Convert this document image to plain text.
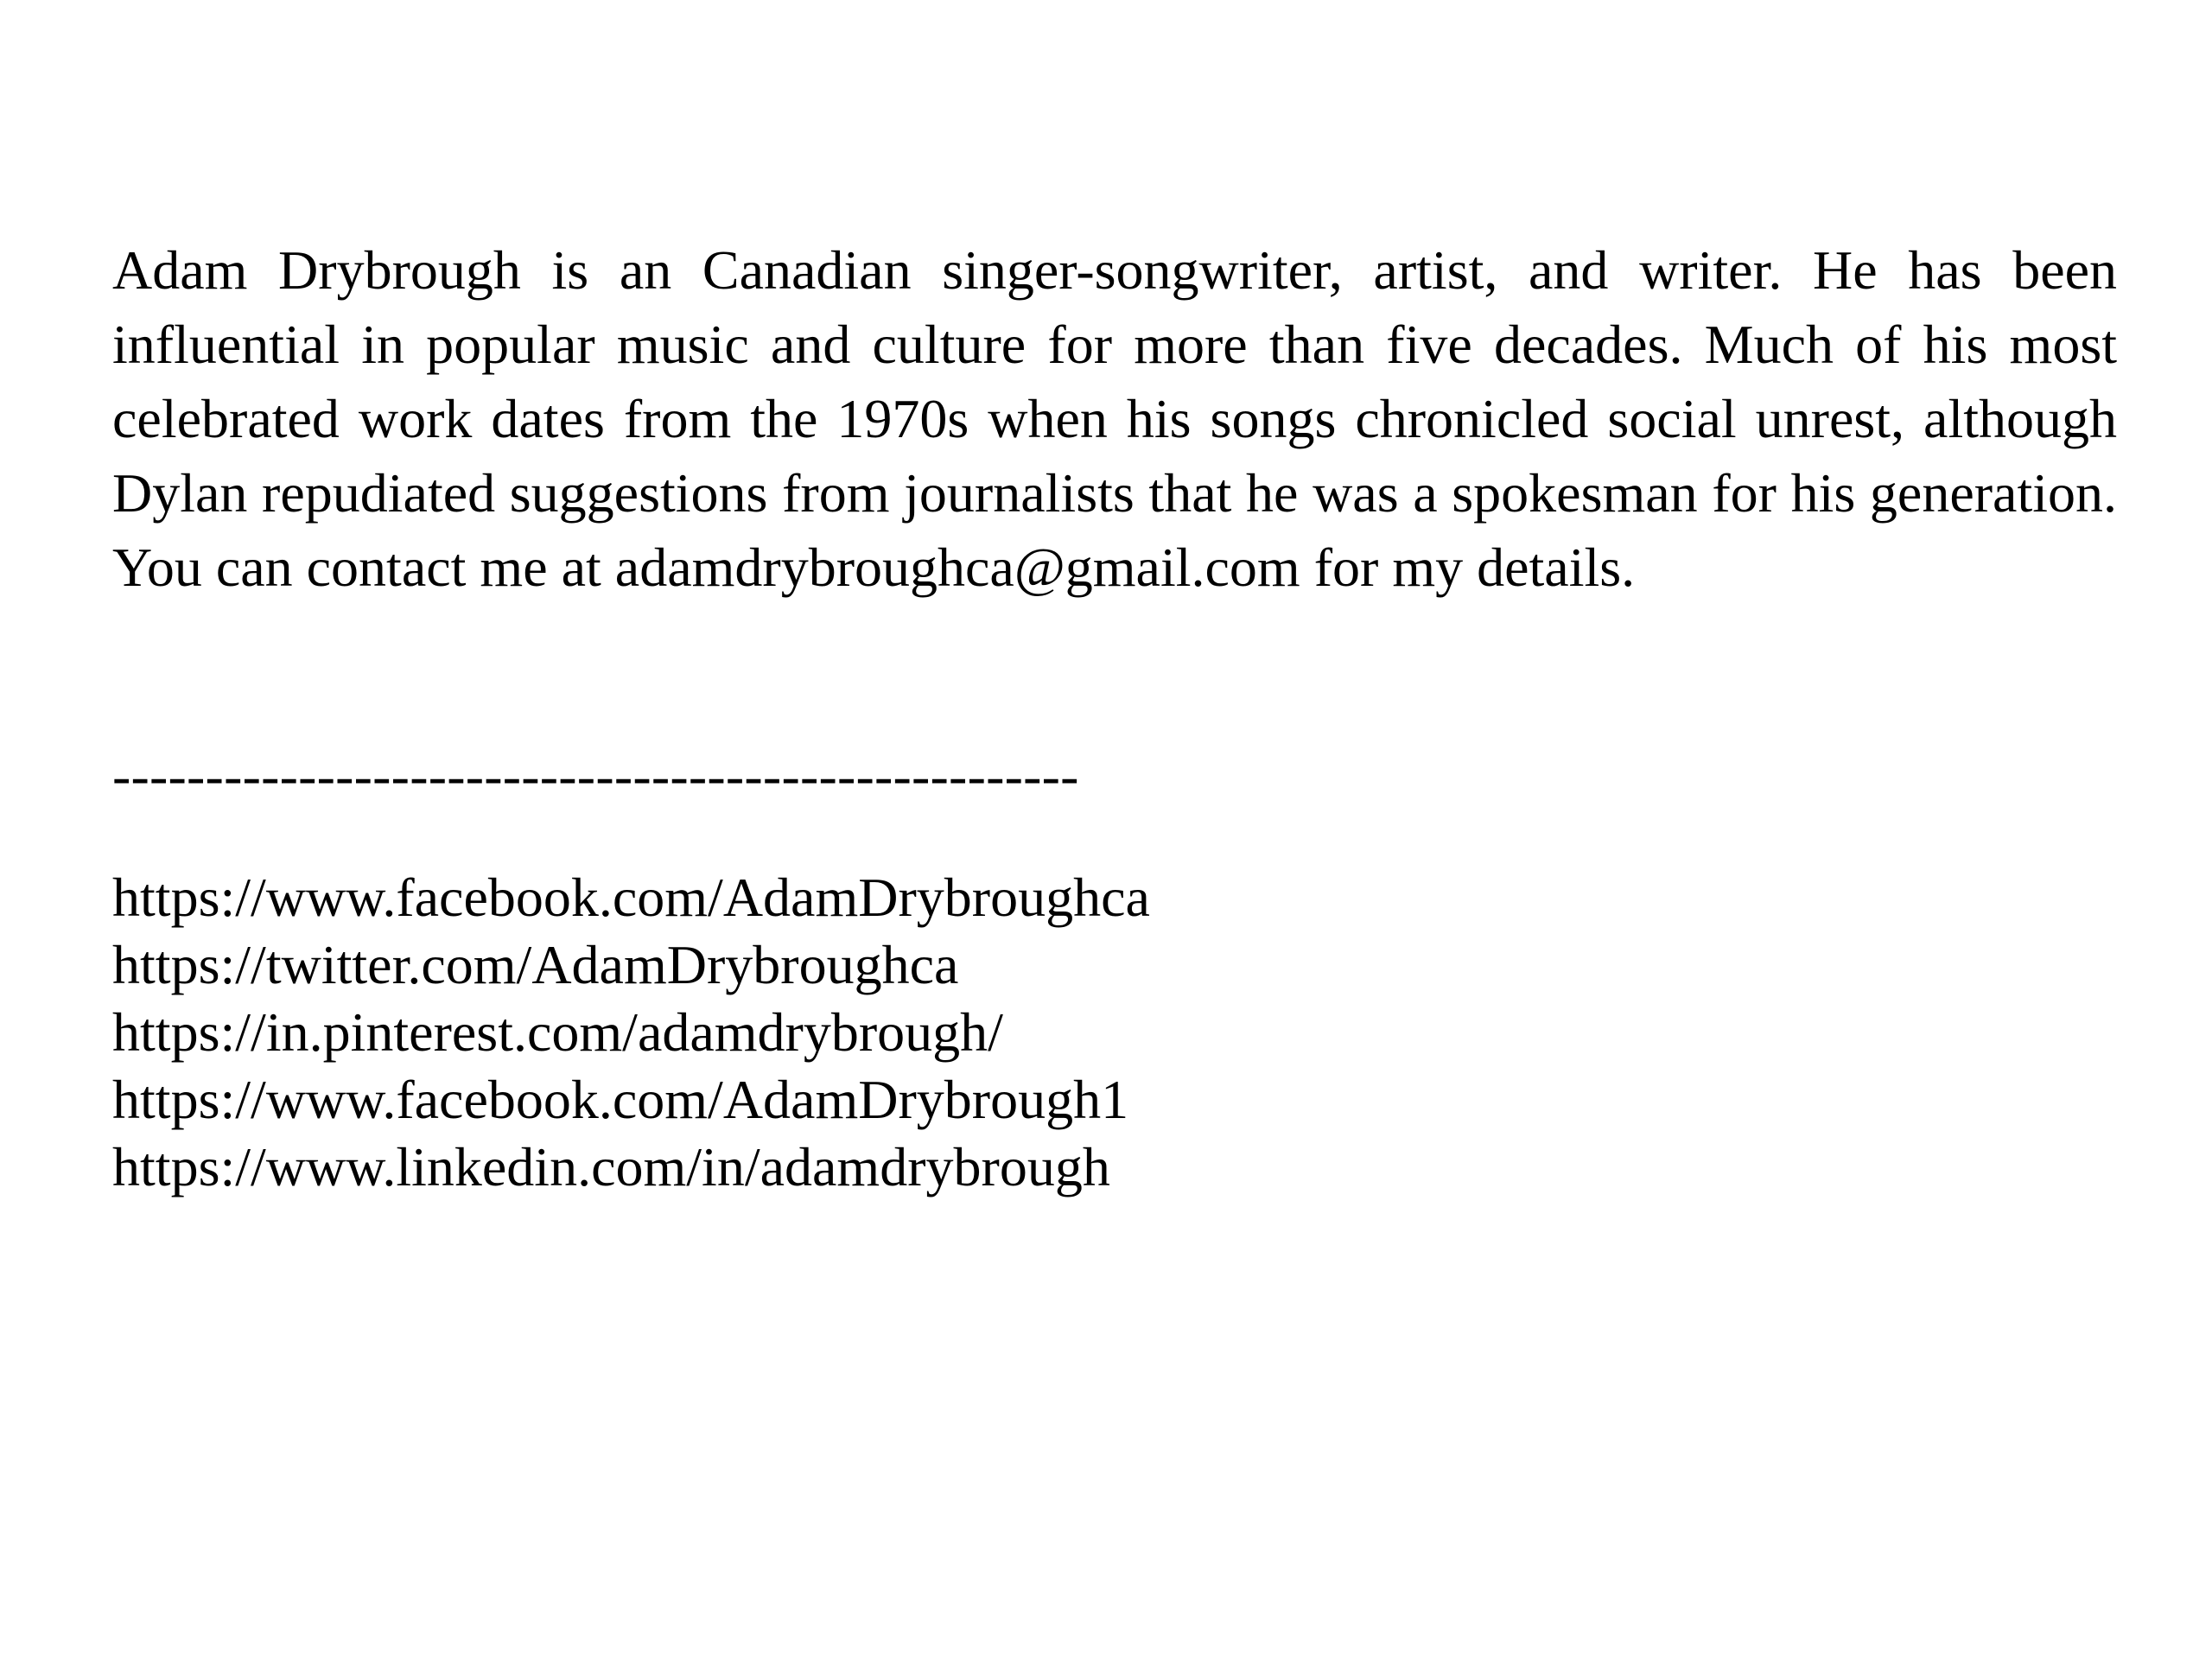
Adam Drybrough is an Canadian singer-songwriter, artist, and writer. He has been influential in popular music and culture for more than five decades. Much of his most celebrated work dates from the 1970s when his songs chronicled social unrest, although Dylan repudiated suggestions from journalists that he was a spokesman for his generation. You can contact me at adamdrybroughca@gmail.com for my details.

----------------------------------------------------
https://www.facebook.com/AdamDrybroughca
https://twitter.com/AdamDrybroughca
https://in.pinterest.com/adamdrybrough/
https://www.facebook.com/AdamDrybrough1
https://www.linkedin.com/in/adamdrybrough
